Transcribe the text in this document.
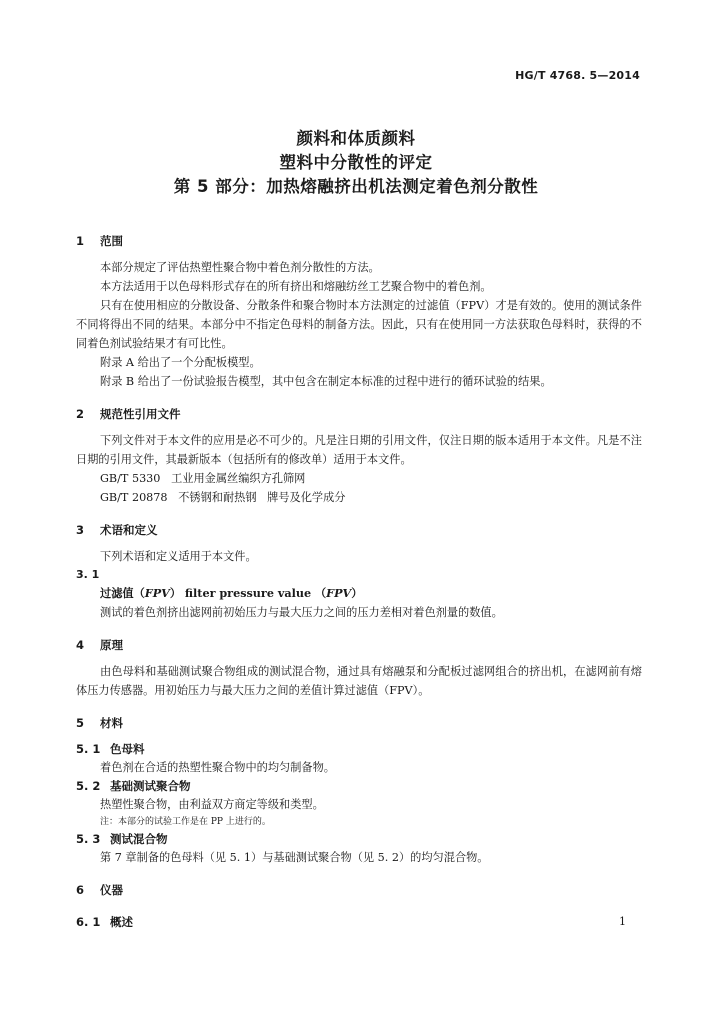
HG/T 4768. 5—2014
颜料和体质颜料
塑料中分散性的评定
第 5 部分：加热熔融挤出机法测定着色剂分散性
1 范围

本部分规定了评估热塑性聚合物中着色剂分散性的方法。

本方法适用于以色母料形式存在的所有挤出和熔融纺丝工艺聚合物中的着色剂。

只有在使用相应的分散设备、分散条件和聚合物时本方法测定的过滤值（FPV）才是有效的。使用的测试条件不同将得出不同的结果。本部分中不指定色母料的制备方法。因此，只有在使用同一方法获取色母料时，获得的不同着色剂试验结果才有可比性。

附录 A 给出了一个分配板模型。

附录 B 给出了一份试验报告模型，其中包含在制定本标准的过程中进行的循环试验的结果。

2 规范性引用文件

下列文件对于本文件的应用是必不可少的。凡是注日期的引用文件，仅注日期的版本适用于本文件。凡是不注日期的引用文件，其最新版本（包括所有的修改单）适用于本文件。

GB/T 5330   工业用金属丝编织方孔筛网
GB/T 20878   不锈钢和耐热钢   牌号及化学成分
3 术语和定义

下列术语和定义适用于本文件。

3. 1
过滤值（FPV） filter pressure value （FPV）

测试的着色剂挤出滤网前初始压力与最大压力之间的压力差相对着色剂量的数值。

4 原理

由色母料和基础测试聚合物组成的测试混合物，通过具有熔融泵和分配板过滤网组合的挤出机，在滤网前有熔体压力传感器。用初始压力与最大压力之间的差值计算过滤值（FPV）。

5 材料
5. 1 色母料

着色剂在合适的热塑性聚合物中的均匀制备物。

5. 2 基础测试聚合物

热塑性聚合物，由利益双方商定等级和类型。

注：本部分的试验工作是在 PP 上进行的。
5. 3 测试混合物

第 7 章制备的色母料（见 5. 1）与基础测试聚合物（见 5. 2）的均匀混合物。

6 仪器
6. 1 概述	1
